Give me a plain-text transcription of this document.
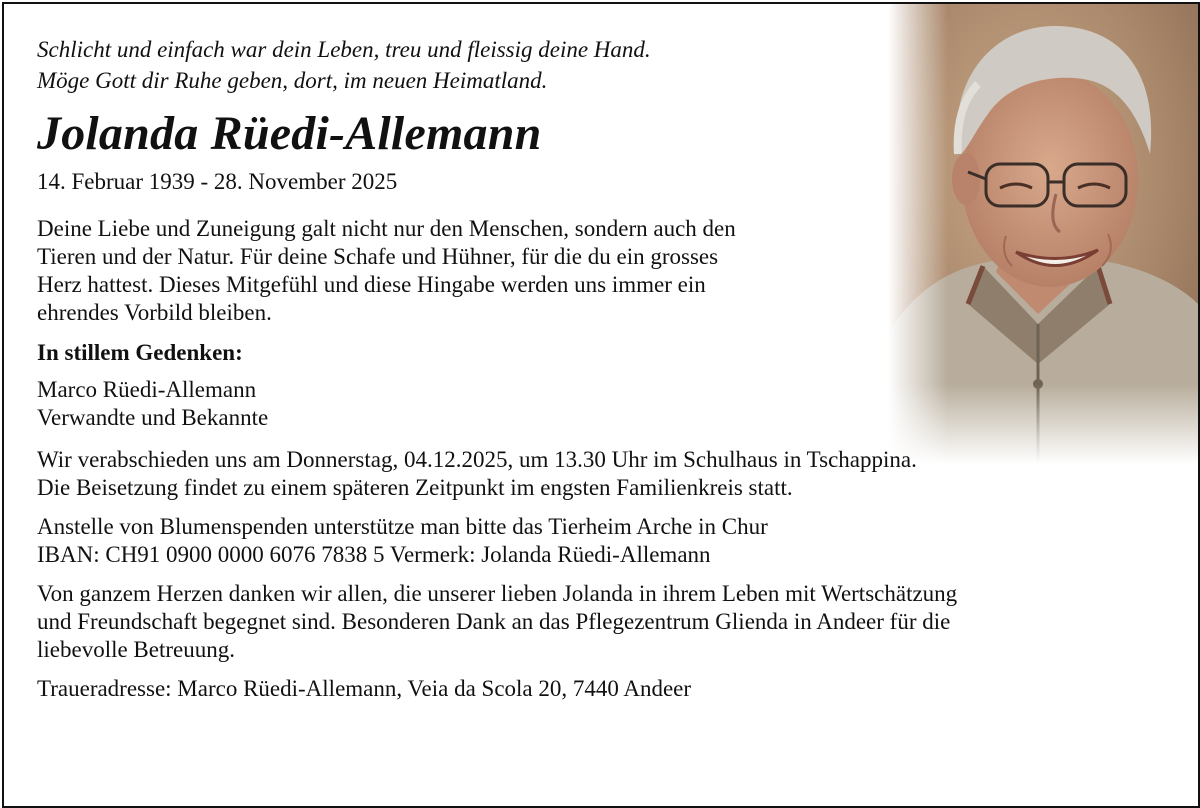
Schlicht und einfach war dein Leben, treu und fleissig deine Hand.
Möge Gott dir Ruhe geben, dort, im neuen Heimatland.

Jolanda Rüedi-Allemann

14. Februar 1939 - 28. November 2025

Deine Liebe und Zuneigung galt nicht nur den Menschen, sondern auch den
Tieren und der Natur. Für deine Schafe und Hühner, für die du ein grosses
Herz hattest. Dieses Mitgefühl und diese Hingabe werden uns immer ein
ehrendes Vorbild bleiben.

In stillem Gedenken:

Marco Rüedi-Allemann
Verwandte und Bekannte

Wir verabschieden uns am Donnerstag, 04.12.2025, um 13.30 Uhr im Schulhaus in Tschappina.
Die Beisetzung findet zu einem späteren Zeitpunkt im engsten Familienkreis statt.

Anstelle von Blumenspenden unterstütze man bitte das Tierheim Arche in Chur
IBAN: CH91 0900 0000 6076 7838 5 Vermerk: Jolanda Rüedi-Allemann

Von ganzem Herzen danken wir allen, die unserer lieben Jolanda in ihrem Leben mit Wertschätzung
und Freundschaft begegnet sind. Besonderen Dank an das Pflegezentrum Glienda in Andeer für die
liebevolle Betreuung.

Traueradresse: Marco Rüedi-Allemann, Veia da Scola 20, 7440 Andeer
